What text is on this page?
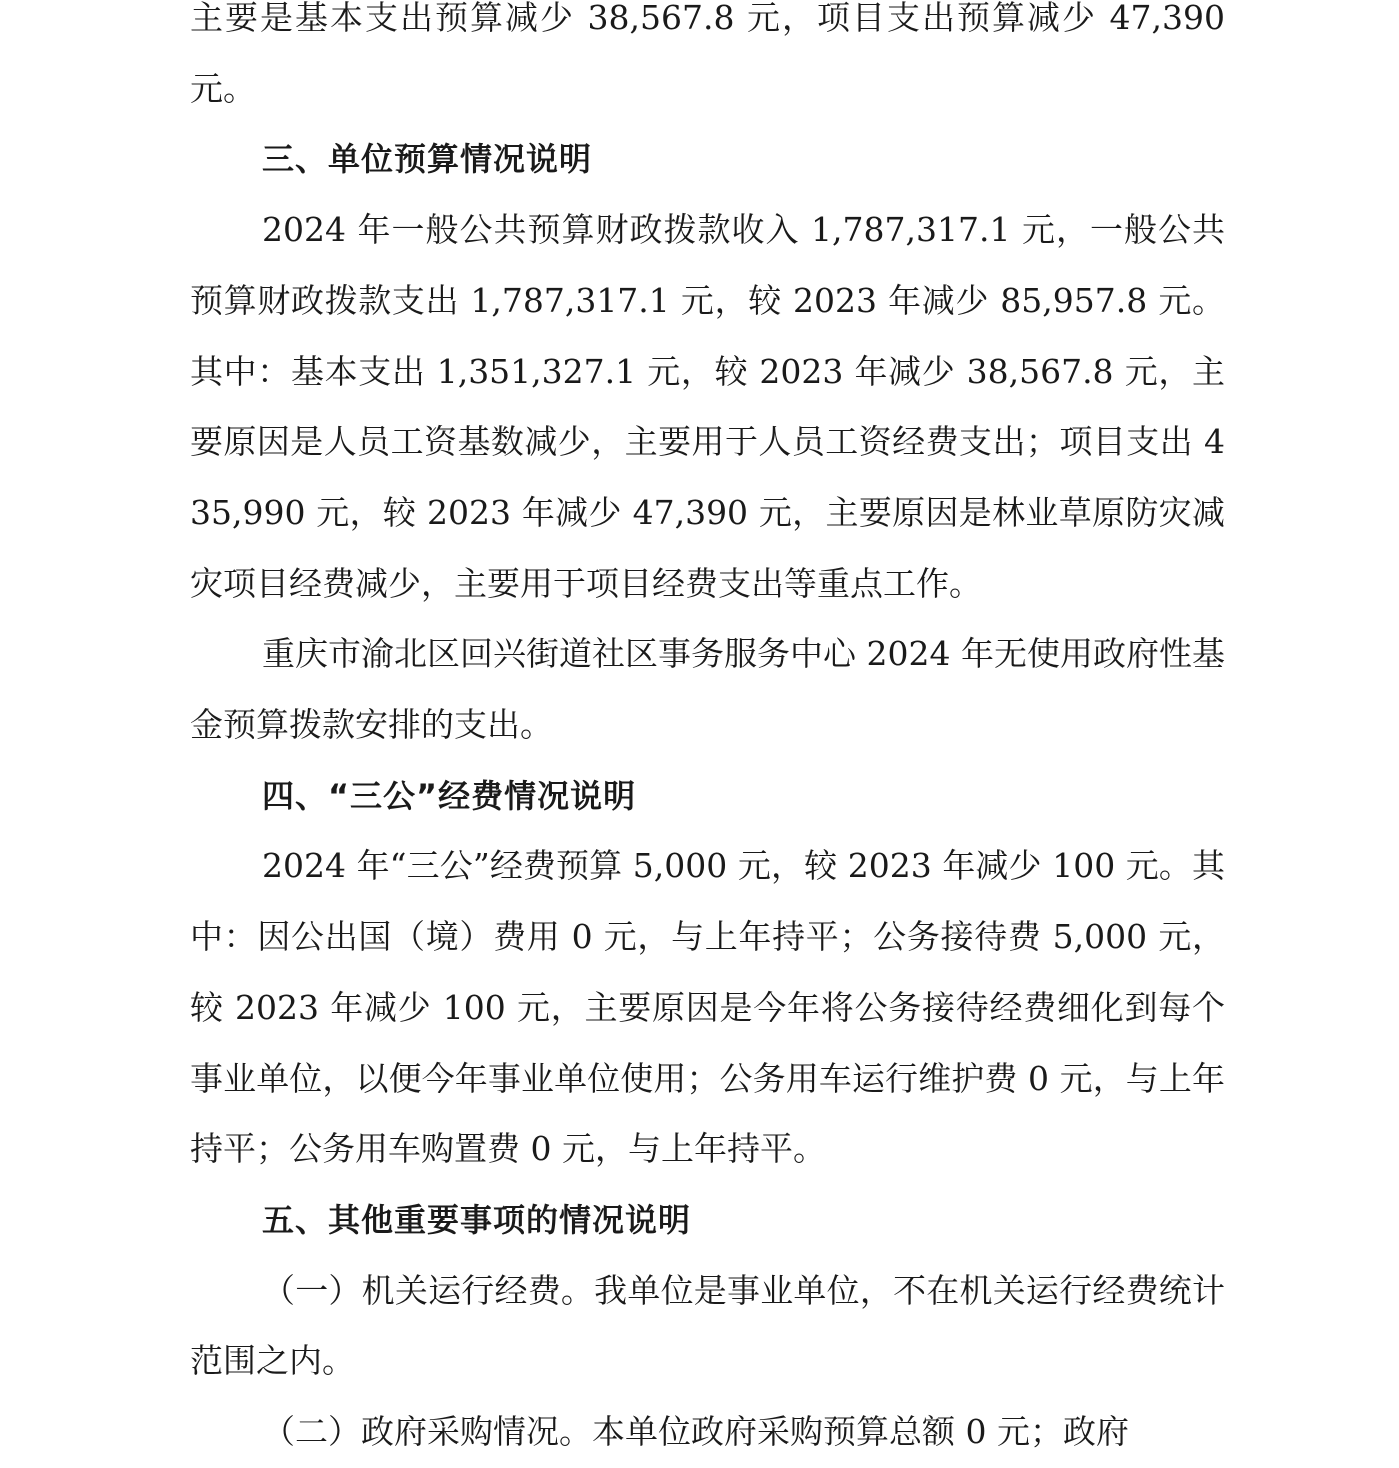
主要是基本支出预算减少 38,567.8 元，项目支出预算减少 47,390 元。

三、单位预算情况说明

2024 年一般公共预算财政拨款收入 1,787,317.1 元，一般公共预算财政拨款支出 1,787,317.1 元，较 2023 年减少 85,957.8 元。其中：基本支出 1,351,327.1 元，较 2023 年减少 38,567.8 元，主要原因是人员工资基数减少，主要用于人员工资经费支出；项目支出 435,990 元，较 2023 年减少 47,390 元，主要原因是林业草原防灾减灾项目经费减少，主要用于项目经费支出等重点工作。

重庆市渝北区回兴街道社区事务服务中心 2024 年无使用政府性基金预算拨款安排的支出。

四、“三公”经费情况说明

2024 年“三公”经费预算 5,000 元，较 2023 年减少 100 元。其中：因公出国（境）费用 0 元，与上年持平；公务接待费 5,000 元，较 2023 年减少 100 元，主要原因是今年将公务接待经费细化到每个事业单位，以便今年事业单位使用；公务用车运行维护费 0 元，与上年持平；公务用车购置费 0 元，与上年持平。

五、其他重要事项的情况说明

（一）机关运行经费。我单位是事业单位，不在机关运行经费统计范围之内。

（二）政府采购情况。本单位政府采购预算总额 0 元；政府
